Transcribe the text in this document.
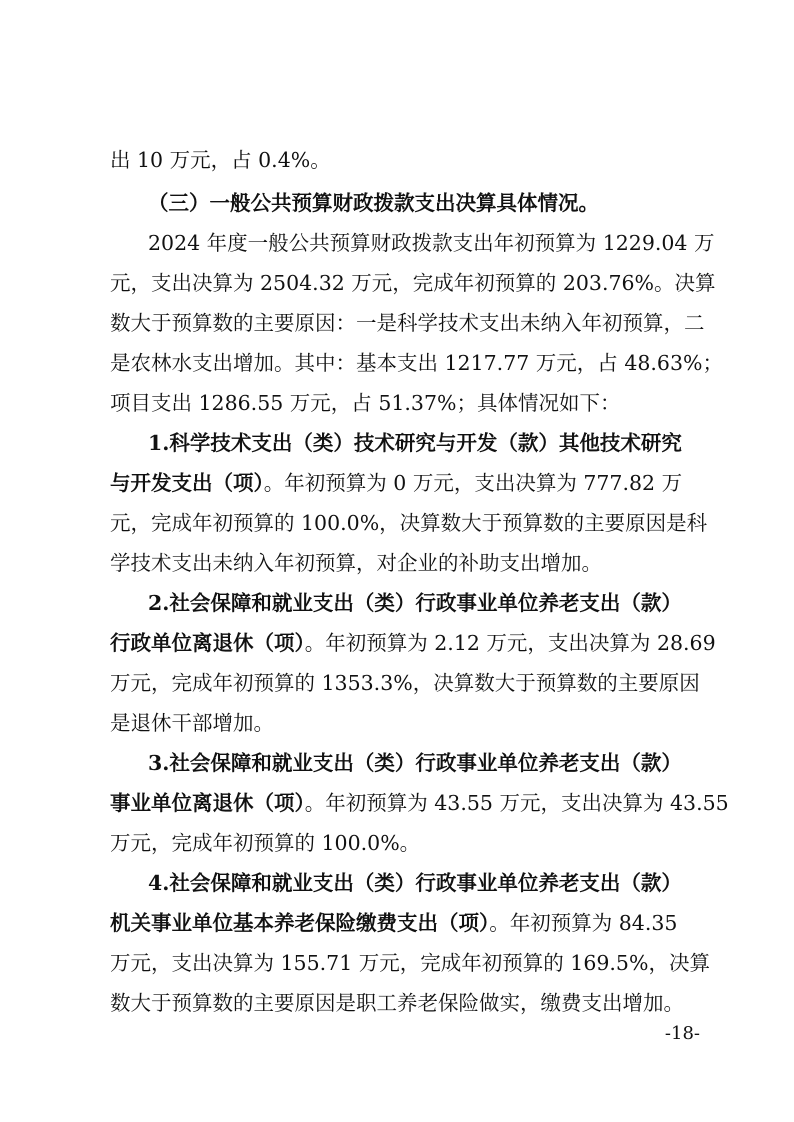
出 10 万元，占 0.4%。
（三）一般公共预算财政拨款支出决算具体情况。
2024 年度一般公共预算财政拨款支出年初预算为 1229.04 万
元，支出决算为 2504.32 万元，完成年初预算的 203.76%。决算
数大于预算数的主要原因：一是科学技术支出未纳入年初预算，二
是农林水支出增加。其中：基本支出 1217.77 万元，占 48.63%；
项目支出 1286.55 万元，占 51.37%；具体情况如下：
1.科学技术支出（类）技术研究与开发（款）其他技术研究
与开发支出（项）。年初预算为 0 万元，支出决算为 777.82 万
元，完成年初预算的 100.0%，决算数大于预算数的主要原因是科
学技术支出未纳入年初预算，对企业的补助支出增加。
2.社会保障和就业支出（类）行政事业单位养老支出（款）
行政单位离退休（项）。年初预算为 2.12 万元，支出决算为 28.69
万元，完成年初预算的 1353.3%，决算数大于预算数的主要原因
是退休干部增加。
3.社会保障和就业支出（类）行政事业单位养老支出（款）
事业单位离退休（项）。年初预算为 43.55 万元，支出决算为 43.55
万元，完成年初预算的 100.0%。
4.社会保障和就业支出（类）行政事业单位养老支出（款）
机关事业单位基本养老保险缴费支出（项）。年初预算为 84.35
万元，支出决算为 155.71 万元，完成年初预算的 169.5%，决算
数大于预算数的主要原因是职工养老保险做实，缴费支出增加。
-18-
